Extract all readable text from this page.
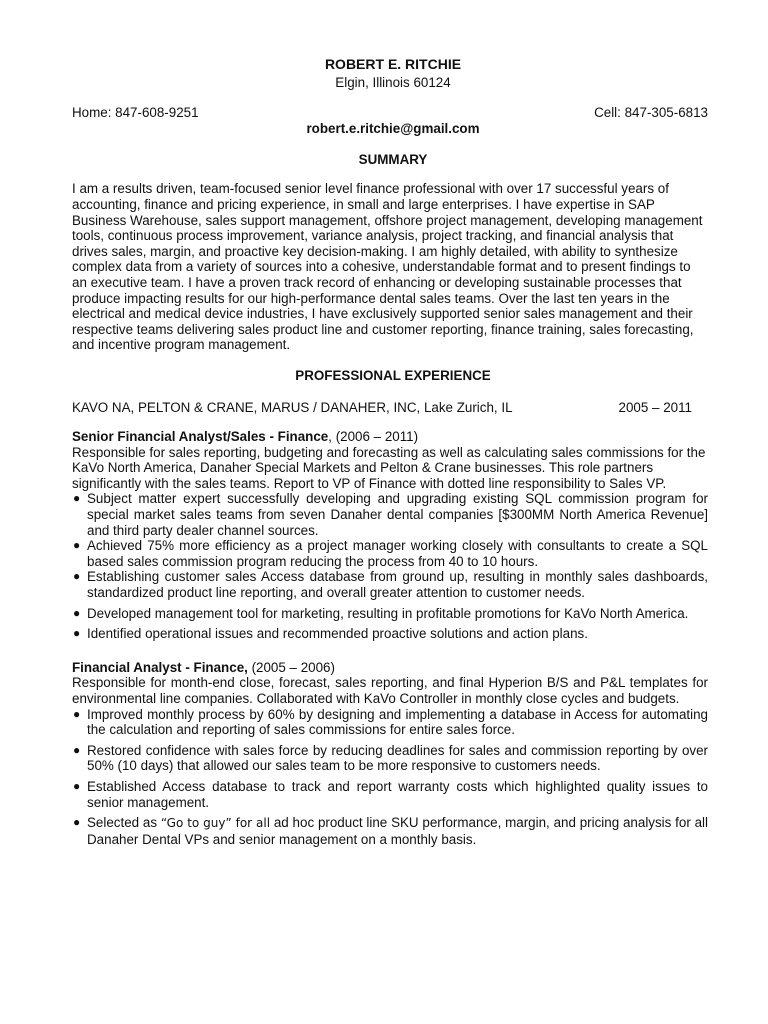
ROBERT E. RITCHIE
Elgin, Illinois 60124
Home: 847-608-9251	Cell: 847-305-6813
robert.e.ritchie@gmail.com
SUMMARY
I am a results driven, team-focused senior level finance professional with over 17 successful years of accounting, finance and pricing experience, in small and large enterprises. I have expertise in SAP Business Warehouse, sales support management, offshore project management, developing management tools, continuous process improvement, variance analysis, project tracking, and financial analysis that drives sales, margin, and proactive key decision-making. I am highly detailed, with ability to synthesize complex data from a variety of sources into a cohesive, understandable format and to present findings to an executive team. I have a proven track record of enhancing or developing sustainable processes that produce impacting results for our high-performance dental sales teams. Over the last ten years in the electrical and medical device industries, I have exclusively supported senior sales management and their respective teams delivering sales product line and customer reporting, finance training, sales forecasting, and incentive program management.
PROFESSIONAL EXPERIENCE
KAVO NA, PELTON & CRANE, MARUS / DANAHER, INC, Lake Zurich, IL	2005 – 2011
Senior Financial Analyst/Sales - Finance, (2006 – 2011)
Responsible for sales reporting, budgeting and forecasting as well as calculating sales commissions for the KaVo North America, Danaher Special Markets and Pelton & Crane businesses. This role partners significantly with the sales teams. Report to VP of Finance with dotted line responsibility to Sales VP.
● Subject matter expert successfully developing and upgrading existing SQL commission program for special market sales teams from seven Danaher dental companies [$300MM North America Revenue] and third party dealer channel sources.
● Achieved 75% more efficiency as a project manager working closely with consultants to create a SQL based sales commission program reducing the process from 40 to 10 hours.
● Establishing customer sales Access database from ground up, resulting in monthly sales dashboards, standardized product line reporting, and overall greater attention to customer needs.
● Developed management tool for marketing, resulting in profitable promotions for KaVo North America.
● Identified operational issues and recommended proactive solutions and action plans.
Financial Analyst - Finance, (2005 – 2006)
Responsible for month-end close, forecast, sales reporting, and final Hyperion B/S and P&L templates for environmental line companies. Collaborated with KaVo Controller in monthly close cycles and budgets.
● Improved monthly process by 60% by designing and implementing a database in Access for automating the calculation and reporting of sales commissions for entire sales force.
● Restored confidence with sales force by reducing deadlines for sales and commission reporting by over 50% (10 days) that allowed our sales team to be more responsive to customers needs.
● Established Access database to track and report warranty costs which highlighted quality issues to senior management.
● Selected as “Go to guy” for all ad hoc product line SKU performance, margin, and pricing analysis for all Danaher Dental VPs and senior management on a monthly basis.
